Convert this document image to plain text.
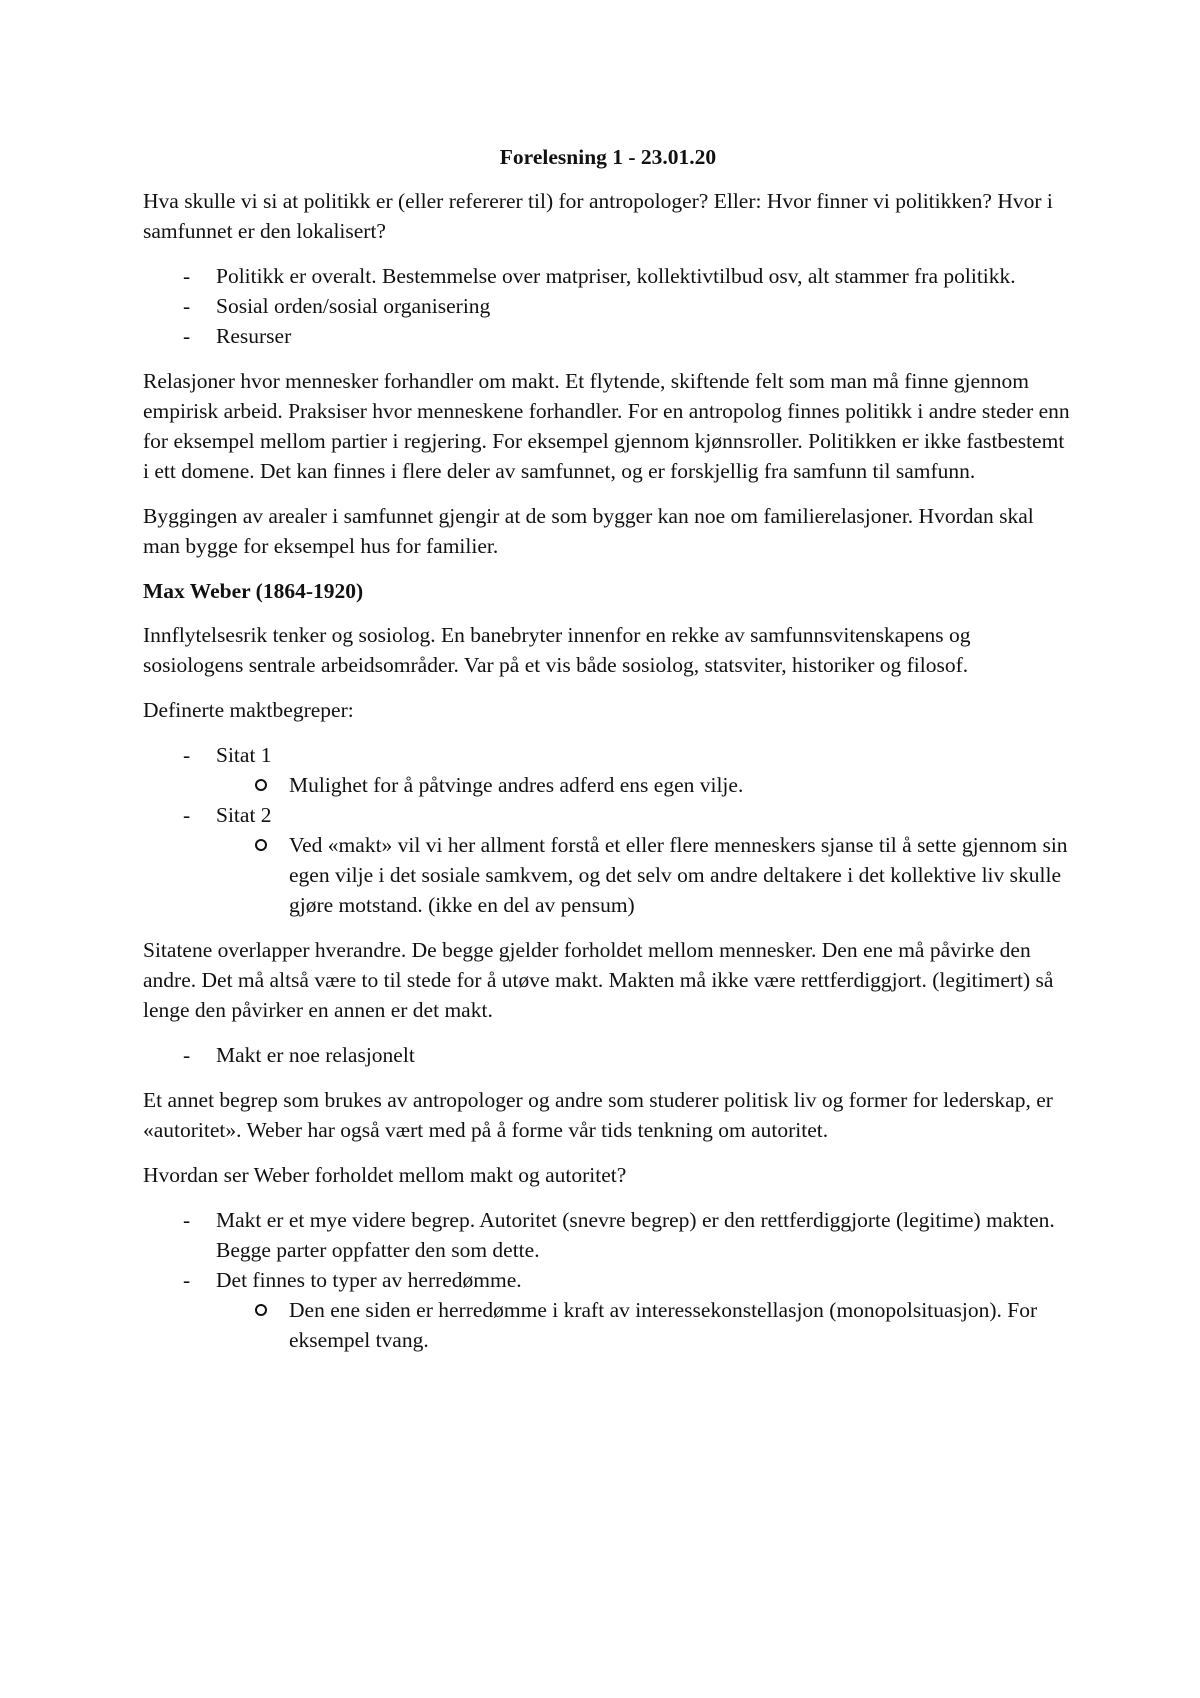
Forelesning 1 - 23.01.20

Hva skulle vi si at politikk er (eller refererer til) for antropologer? Eller: Hvor finner vi politikken? Hvor i samfunnet er den lokalisert?

- Politikk er overalt. Bestemmelse over matpriser, kollektivtilbud osv, alt stammer fra politikk.
- Sosial orden/sosial organisering
- Resurser

Relasjoner hvor mennesker forhandler om makt. Et flytende, skiftende felt som man må finne gjennom empirisk arbeid. Praksiser hvor menneskene forhandler. For en antropolog finnes politikk i andre steder enn for eksempel mellom partier i regjering. For eksempel gjennom kjønnsroller. Politikken er ikke fastbestemt i ett domene. Det kan finnes i flere deler av samfunnet, og er forskjellig fra samfunn til samfunn.

Byggingen av arealer i samfunnet gjengir at de som bygger kan noe om familierelasjoner. Hvordan skal man bygge for eksempel hus for familier.

Max Weber (1864-1920)

Innflytelsesrik tenker og sosiolog. En banebryter innenfor en rekke av samfunnsvitenskapens og sosiologens sentrale arbeidsområder. Var på et vis både sosiolog, statsviter, historiker og filosof.

Definerte maktbegreper:

- Sitat 1
Mulighet for å påtvinge andres adferd ens egen vilje.
- Sitat 2
Ved «makt» vil vi her allment forstå et eller flere menneskers sjanse til å sette gjennom sin egen vilje i det sosiale samkvem, og det selv om andre deltakere i det kollektive liv skulle gjøre motstand. (ikke en del av pensum)

Sitatene overlapper hverandre. De begge gjelder forholdet mellom mennesker. Den ene må påvirke den andre. Det må altså være to til stede for å utøve makt. Makten må ikke være rettferdiggjort. (legitimert) så lenge den påvirker en annen er det makt.

- Makt er noe relasjonelt

Et annet begrep som brukes av antropologer og andre som studerer politisk liv og former for lederskap, er «autoritet». Weber har også vært med på å forme vår tids tenkning om autoritet.

Hvordan ser Weber forholdet mellom makt og autoritet?

- Makt er et mye videre begrep. Autoritet (snevre begrep) er den rettferdiggjorte (legitime) makten. Begge parter oppfatter den som dette.
- Det finnes to typer av herredømme.
Den ene siden er herredømme i kraft av interessekonstellasjon (monopolsituasjon). For eksempel tvang.
